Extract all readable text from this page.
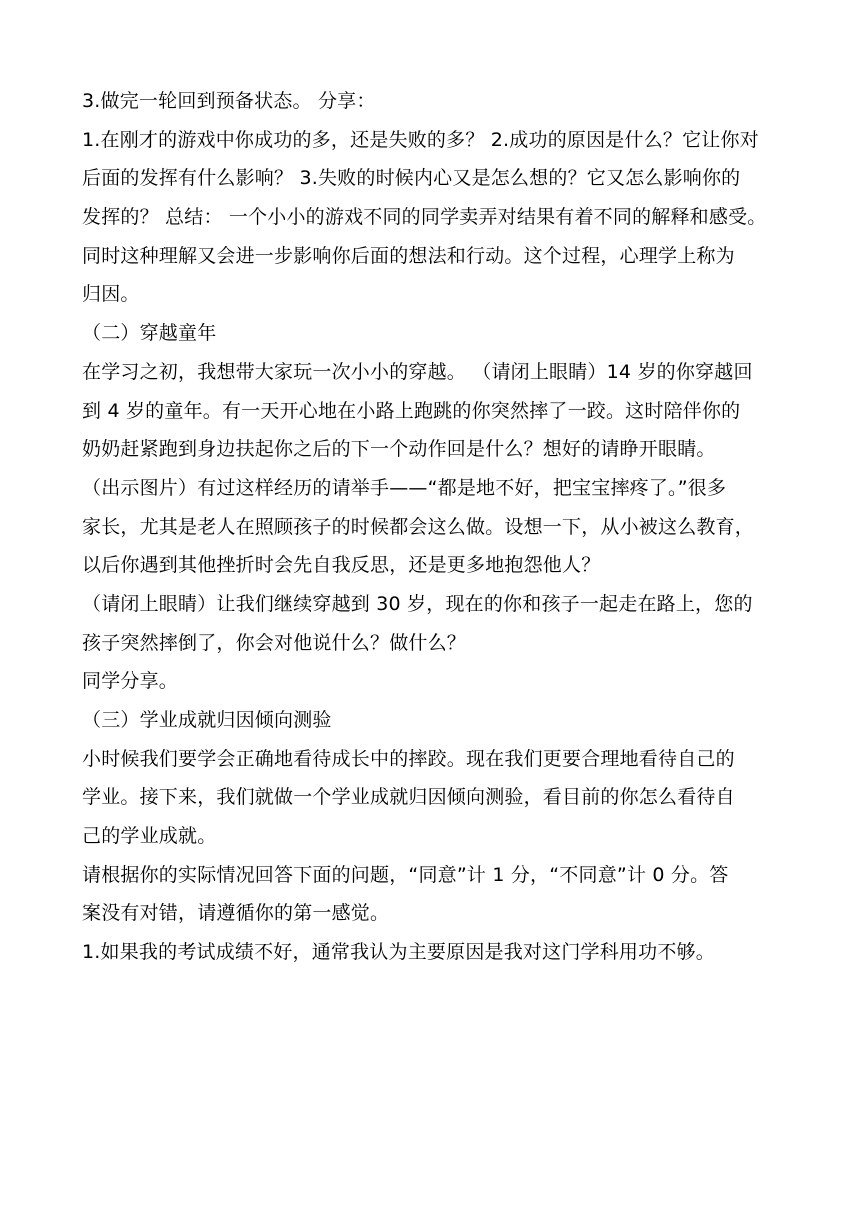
3.做完一轮回到预备状态。 分享：
1.在刚才的游戏中你成功的多，还是失败的多？ 2.成功的原因是什么？它让你对
后面的发挥有什么影响？ 3.失败的时候内心又是怎么想的？它又怎么影响你的
发挥的？ 总结： 一个小小的游戏不同的同学卖弄对结果有着不同的解释和感受。
同时这种理解又会进一步影响你后面的想法和行动。这个过程，心理学上称为
归因。
（二）穿越童年
在学习之初，我想带大家玩一次小小的穿越。 （请闭上眼睛）14 岁的你穿越回
到 4 岁的童年。有一天开心地在小路上跑跳的你突然摔了一跤。这时陪伴你的
奶奶赶紧跑到身边扶起你之后的下一个动作回是什么？想好的请睁开眼睛。
（出示图片）有过这样经历的请举手——“都是地不好，把宝宝摔疼了。”很多
家长，尤其是老人在照顾孩子的时候都会这么做。设想一下，从小被这么教育，
以后你遇到其他挫折时会先自我反思，还是更多地抱怨他人？
（请闭上眼睛）让我们继续穿越到 30 岁，现在的你和孩子一起走在路上，您的
孩子突然摔倒了，你会对他说什么？做什么？
同学分享。
（三）学业成就归因倾向测验
小时候我们要学会正确地看待成长中的摔跤。现在我们更要合理地看待自己的
学业。接下来，我们就做一个学业成就归因倾向测验，看目前的你怎么看待自
己的学业成就。
请根据你的实际情况回答下面的问题，“同意”计 1 分，“不同意”计 0 分。答
案没有对错，请遵循你的第一感觉。
1.如果我的考试成绩不好，通常我认为主要原因是我对这门学科用功不够。
